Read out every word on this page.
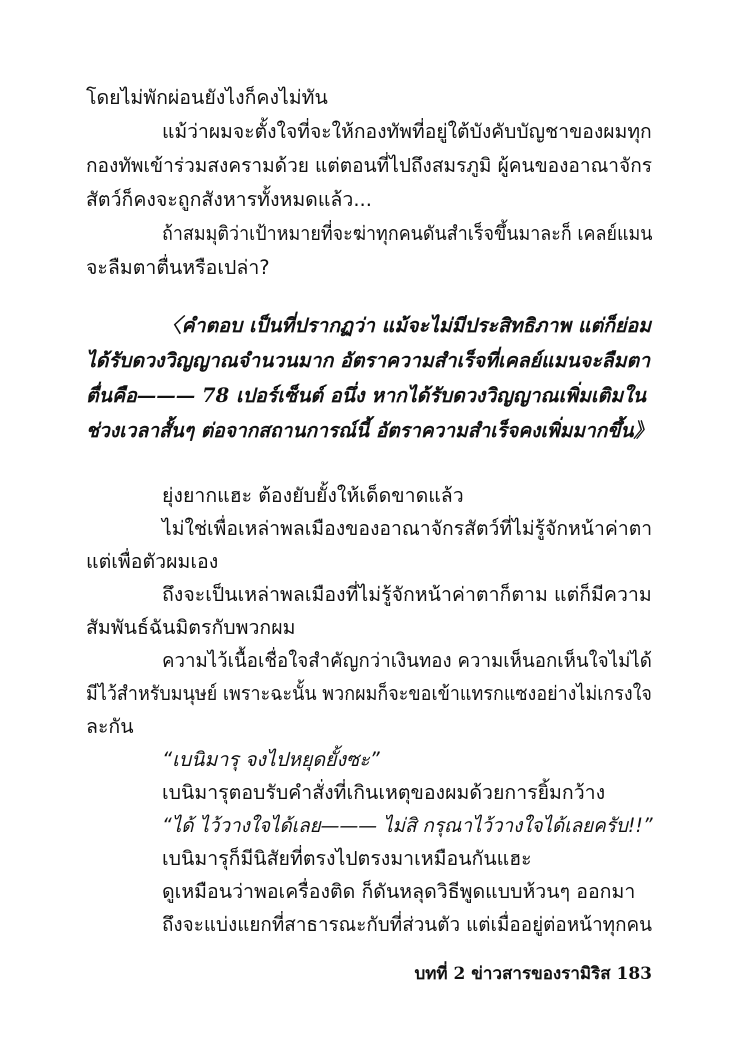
โดยไม่พักผ่อนยังไงก็คงไม่ทัน
แม้ว่าผมจะตั้งใจที่จะให้กองทัพที่อยู่ใต้บังคับบัญชาของผมทุก
กองทัพเข้าร่วมสงครามด้วย แต่ตอนที่ไปถึงสมรภูมิ ผู้คนของอาณาจักร
สัตว์ก็คงจะถูกสังหารทั้งหมดแล้ว...
ถ้าสมมุติว่าเป้าหมายที่จะฆ่าทุกคนดันสำเร็จขึ้นมาละก็ เคลย์แมน
จะลืมตาตื่นหรือเปล่า?
〈คำตอบ เป็นที่ปรากฏว่า แม้จะไม่มีประสิทธิภาพ แต่ก็ย่อม
ได้รับดวงวิญญาณจำนวนมาก อัตราความสำเร็จที่เคลย์แมนจะลืมตา
ตื่นคือ——— 78 เปอร์เซ็นต์ อนึ่ง หากได้รับดวงวิญญาณเพิ่มเติมใน
ช่วงเวลาสั้นๆ ต่อจากสถานการณ์นี้ อัตราความสำเร็จคงเพิ่มมากขึ้น》
ยุ่งยากแฮะ ต้องยับยั้งให้เด็ดขาดแล้ว
ไม่ใช่เพื่อเหล่าพลเมืองของอาณาจักรสัตว์ที่ไม่รู้จักหน้าค่าตา
แต่เพื่อตัวผมเอง
ถึงจะเป็นเหล่าพลเมืองที่ไม่รู้จักหน้าค่าตาก็ตาม แต่ก็มีความ
สัมพันธ์ฉันมิตรกับพวกผม
ความไว้เนื้อเชื่อใจสำคัญกว่าเงินทอง ความเห็นอกเห็นใจไม่ได้
มีไว้สำหรับมนุษย์ เพราะฉะนั้น พวกผมก็จะขอเข้าแทรกแซงอย่างไม่เกรงใจ
ละกัน
“เบนิมารุ จงไปหยุดยั้งซะ”
เบนิมารุตอบรับคำสั่งที่เกินเหตุของผมด้วยการยิ้มกว้าง
“ได้ ไว้วางใจได้เลย——— ไม่สิ กรุณาไว้วางใจได้เลยครับ!!”
เบนิมารุก็มีนิสัยที่ตรงไปตรงมาเหมือนกันแฮะ
ดูเหมือนว่าพอเครื่องติด ก็ดันหลุดวิธีพูดแบบห้วนๆ ออกมา
ถึงจะแบ่งแยกที่สาธารณะกับที่ส่วนตัว แต่เมื่ออยู่ต่อหน้าทุกคน
บทที่ 2 ข่าวสารของรามิริส 183
